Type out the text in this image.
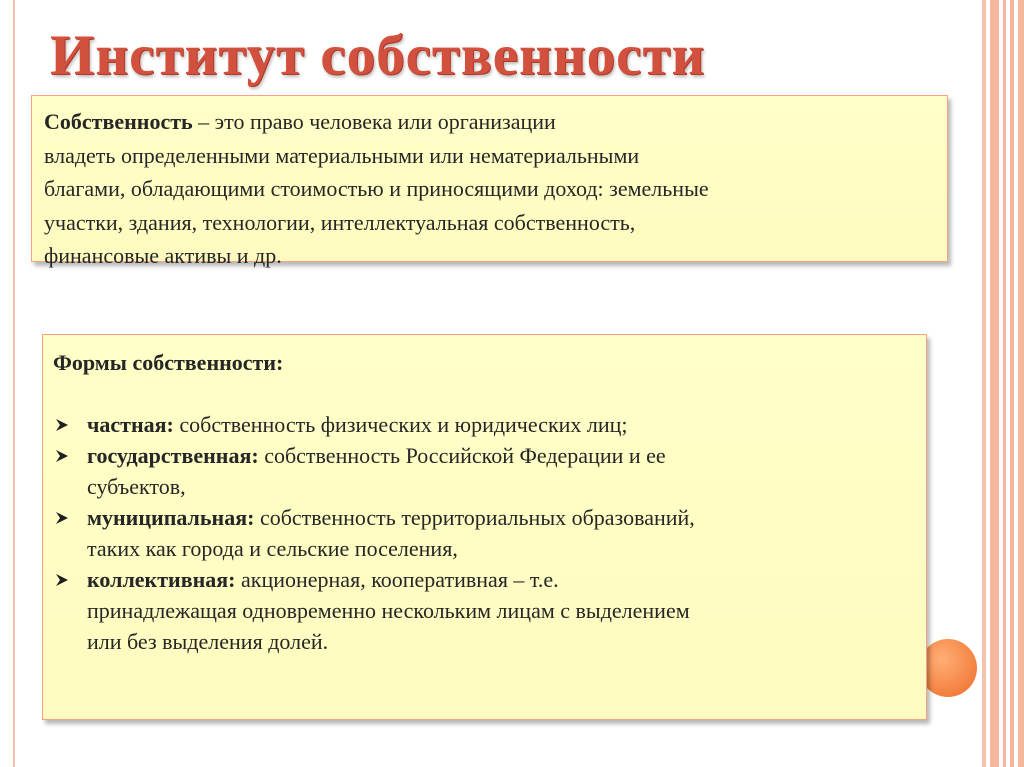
Институт собственности
Собственность – это право человека или организации
владеть определенными материальными или нематериальными
благами, обладающими стоимостью и приносящими доход: земельные
участки, здания, технологии, интеллектуальная собственность,
финансовые активы и др.
Формы собственности:
частная: собственность физических и юридических лиц;
государственная: собственность Российской Федерации и ее
субъектов,
муниципальная: собственность территориальных образований,
таких как города и сельские поселения,
коллективная: акционерная, кооперативная – т.е.
принадлежащая одновременно нескольким лицам с выделением
или без выделения долей.
